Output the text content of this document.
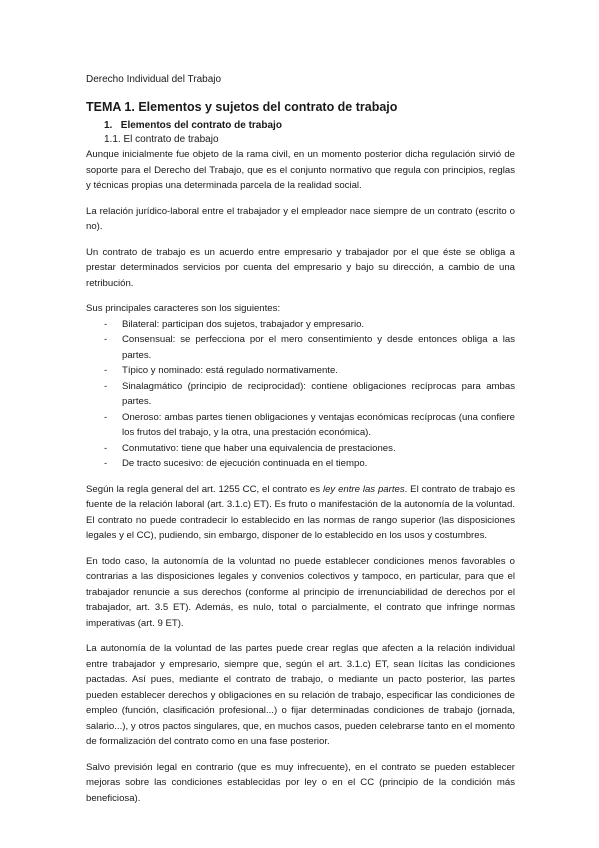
Derecho Individual del Trabajo
TEMA 1. Elementos y sujetos del contrato de trabajo
1. Elementos del contrato de trabajo
1.1. El contrato de trabajo

Aunque inicialmente fue objeto de la rama civil, en un momento posterior dicha regulación sirvió de soporte para el Derecho del Trabajo, que es el conjunto normativo que regula con principios, reglas y técnicas propias una determinada parcela de la realidad social.

La relación jurídico-laboral entre el trabajador y el empleador nace siempre de un contrato (escrito o no).

Un contrato de trabajo es un acuerdo entre empresario y trabajador por el que éste se obliga a prestar determinados servicios por cuenta del empresario y bajo su dirección, a cambio de una retribución.

Sus principales caracteres son los siguientes:

- Bilateral: participan dos sujetos, trabajador y empresario.
- Consensual: se perfecciona por el mero consentimiento y desde entonces obliga a las partes.
- Típico y nominado: está regulado normativamente.
- Sinalagmático (principio de reciprocidad): contiene obligaciones recíprocas para ambas partes.
- Oneroso: ambas partes tienen obligaciones y ventajas económicas recíprocas (una confiere los frutos del trabajo, y la otra, una prestación económica).
- Conmutativo: tiene que haber una equivalencia de prestaciones.
- De tracto sucesivo: de ejecución continuada en el tiempo.

Según la regla general del art. 1255 CC, el contrato es ley entre las partes. El contrato de trabajo es fuente de la relación laboral (art. 3.1.c) ET). Es fruto o manifestación de la autonomía de la voluntad. El contrato no puede contradecir lo establecido en las normas de rango superior (las disposiciones legales y el CC), pudiendo, sin embargo, disponer de lo establecido en los usos y costumbres.

En todo caso, la autonomía de la voluntad no puede establecer condiciones menos favorables o contrarias a las disposiciones legales y convenios colectivos y tampoco, en particular, para que el trabajador renuncie a sus derechos (conforme al principio de irrenunciabilidad de derechos por el trabajador, art. 3.5 ET). Además, es nulo, total o parcialmente, el contrato que infringe normas imperativas (art. 9 ET).

La autonomía de la voluntad de las partes puede crear reglas que afecten a la relación individual entre trabajador y empresario, siempre que, según el art. 3.1.c) ET, sean lícitas las condiciones pactadas. Así pues, mediante el contrato de trabajo, o mediante un pacto posterior, las partes pueden establecer derechos y obligaciones en su relación de trabajo, especificar las condiciones de empleo (función, clasificación profesional...) o fijar determinadas condiciones de trabajo (jornada, salario...), y otros pactos singulares, que, en muchos casos, pueden celebrarse tanto en el momento de formalización del contrato como en una fase posterior.

Salvo previsión legal en contrario (que es muy infrecuente), en el contrato se pueden establecer mejoras sobre las condiciones establecidas por ley o en el CC (principio de la condición más beneficiosa).
